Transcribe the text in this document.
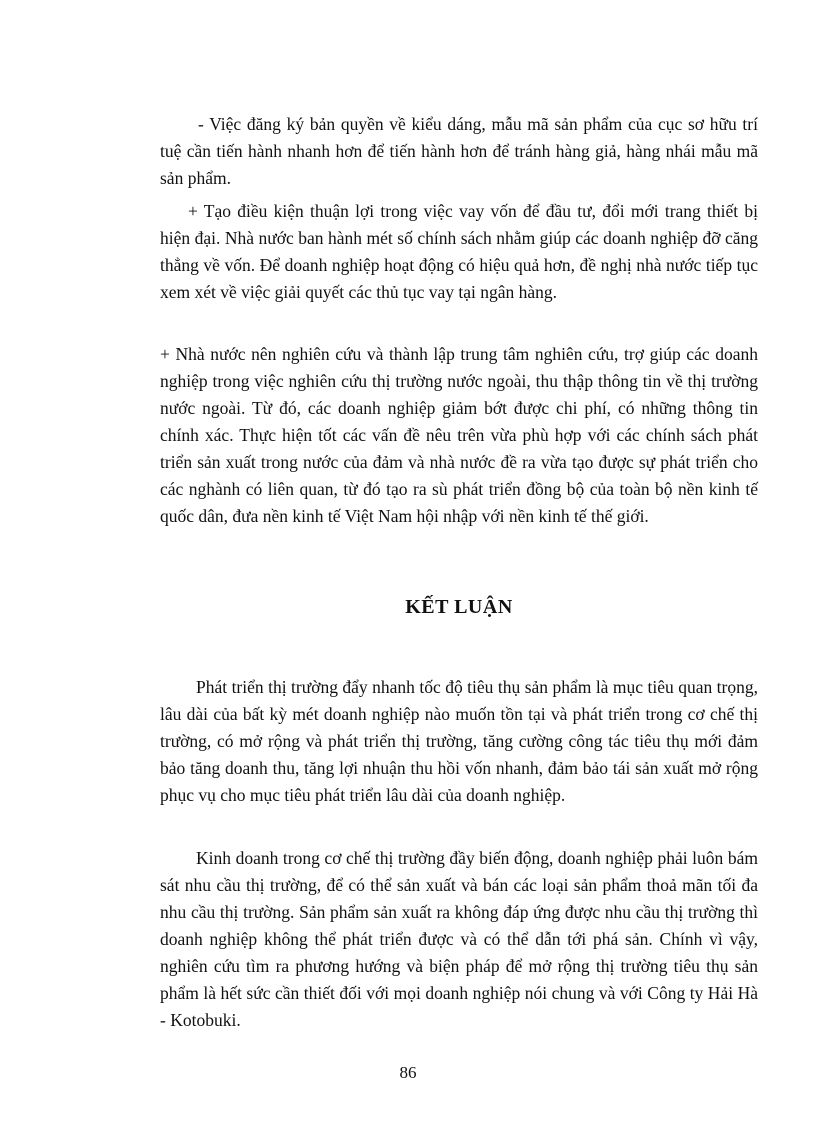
- Việc đăng ký bản quyền về kiểu dáng, mẫu mã sản phẩm của cục sơ hữu trí tuệ cần tiến hành nhanh hơn để tiến hành hơn để tránh hàng giả, hàng nhái mẫu mã sản phẩm.

+ Tạo điều kiện thuận lợi trong việc vay vốn để đầu tư, đổi mới trang thiết bị hiện đại. Nhà nước ban hành mét số chính sách nhằm giúp các doanh nghiệp đỡ căng thẳng về vốn. Để doanh nghiệp hoạt động có hiệu quả hơn, đề nghị nhà nước tiếp tục xem xét về việc giải quyết các thủ tục vay tại ngân hàng.

+ Nhà nước nên nghiên cứu và thành lập trung tâm nghiên cứu, trợ giúp các doanh nghiệp trong việc nghiên cứu thị trường nước ngoài, thu thập thông tin về thị trường nước ngoài. Từ đó, các doanh nghiệp giảm bớt được chi phí, có những thông tin chính xác. Thực hiện tốt các vấn đề nêu trên vừa phù hợp với các chính sách phát triển sản xuất trong nước của đảm và nhà nước đề ra vừa tạo được sự phát triển cho các nghành có liên quan, từ đó tạo ra sù phát triển đồng bộ của toàn bộ nền kinh tế quốc dân, đưa nền kinh tế Việt Nam hội nhập với nền kinh tế thế giới.

KẾT LUẬN

Phát triển thị trường đẩy nhanh tốc độ tiêu thụ sản phẩm là mục tiêu quan trọng, lâu dài của bất kỳ mét doanh nghiệp nào muốn tồn tại và phát triển trong cơ chế thị trường, có mở rộng và phát triển thị trường, tăng cường công tác tiêu thụ mới đảm bảo tăng doanh thu, tăng lợi nhuận thu hồi vốn nhanh, đảm bảo tái sản xuất mở rộng phục vụ cho mục tiêu phát triển lâu dài của doanh nghiệp.

Kinh doanh trong cơ chế thị trường đầy biến động, doanh nghiệp phải luôn bám sát nhu cầu thị trường, để có thể sản xuất và bán các loại sản phẩm thoả mãn tối đa nhu cầu thị trường. Sản phẩm sản xuất ra không đáp ứng được nhu cầu thị trường thì doanh nghiệp không thể phát triển được và có thể dẫn tới phá sản. Chính vì vậy, nghiên cứu tìm ra phương hướng và biện pháp để mở rộng thị trường tiêu thụ sản phẩm là hết sức cần thiết đối với mọi doanh nghiệp nói chung và với Công ty Hải Hà - Kotobuki.

86
